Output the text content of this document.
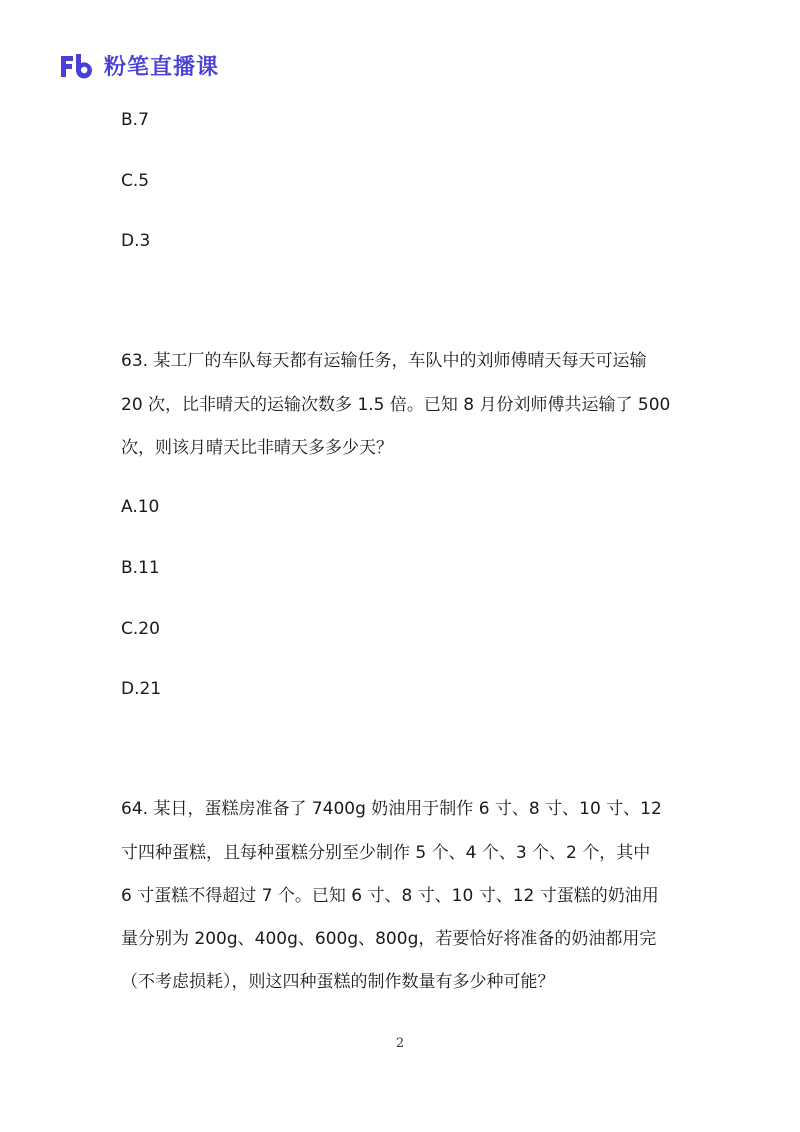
粉笔直播课
B.7
C.5
D.3
63. 某工厂的车队每天都有运输任务，车队中的刘师傅晴天每天可运输
20 次，比非晴天的运输次数多 1.5 倍。已知 8 月份刘师傅共运输了 500
次，则该月晴天比非晴天多多少天？
A.10
B.11
C.20
D.21
64. 某日，蛋糕房准备了 7400g 奶油用于制作 6 寸、8 寸、10 寸、12
寸四种蛋糕，且每种蛋糕分别至少制作 5 个、4 个、3 个、2 个，其中
6 寸蛋糕不得超过 7 个。已知 6 寸、8 寸、10 寸、12 寸蛋糕的奶油用
量分别为 200g、400g、600g、800g，若要恰好将准备的奶油都用完
（不考虑损耗），则这四种蛋糕的制作数量有多少种可能？
2
